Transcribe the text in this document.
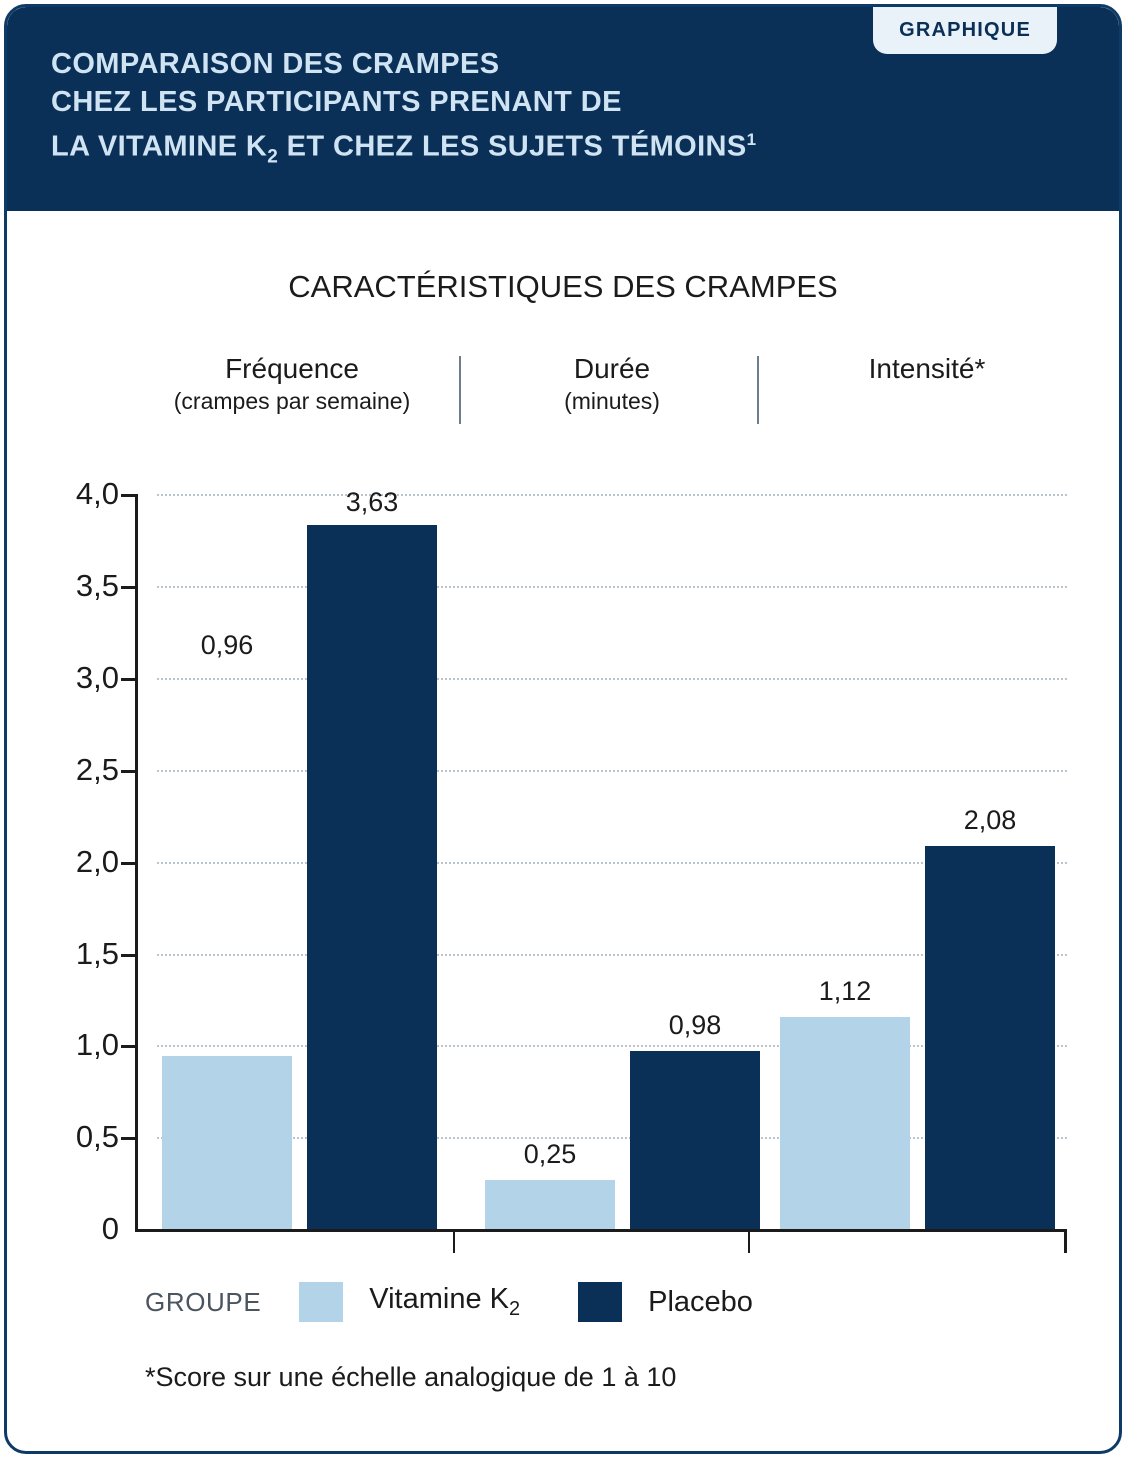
GRAPHIQUE
COMPARAISON DES CRAMPES
CHEZ LES PARTICIPANTS PRENANT DE
LA VITAMINE $K_2$ ET CHEZ LES SUJETS TÉMOINS$^1$
CARACTÉRISTIQUES DES CRAMPES
Fréquence
(crampes par semaine)
Durée
(minutes)
Intensité*
4,0
3,5
3,0
2,5
2,0
1,5
1,0
0,5
0
0,96
3,63
0,25
0,98
1,12
2,08
GROUPE	Vitamine $K_2$	Placebo
*Score sur une échelle analogique de 1 à 10
